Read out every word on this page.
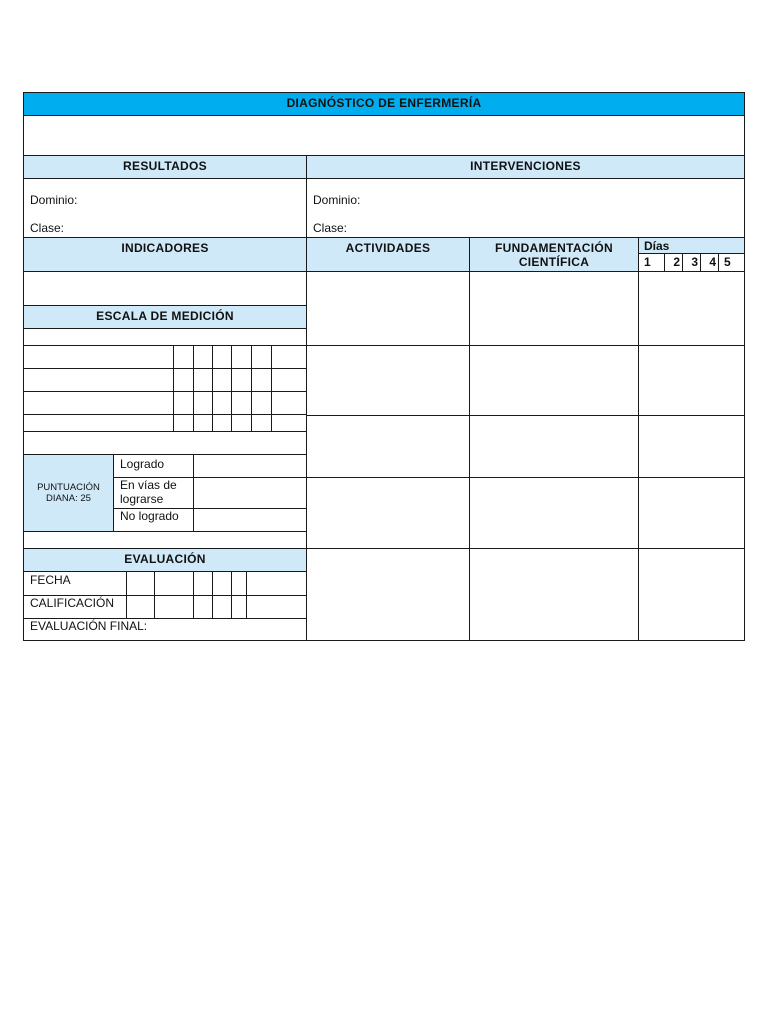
DIAGNÓSTICO DE ENFERMERÍA
RESULTADOS	INTERVENCIONES

Dominio:

Clase:

Dominio:

Clase:

INDICADORES	ACTIVIDADES	FUNDAMENTACIÓN CIENTÍFICA
Días
1	2 3 4 5
ESCALA DE MEDICIÓN
PUNTUACIÓN DIANA: 25
Logrado
En vías de lograrse
No logrado
EVALUACIÓN
FECHA
CALIFICACIÓN
EVALUACIÓN FINAL:
